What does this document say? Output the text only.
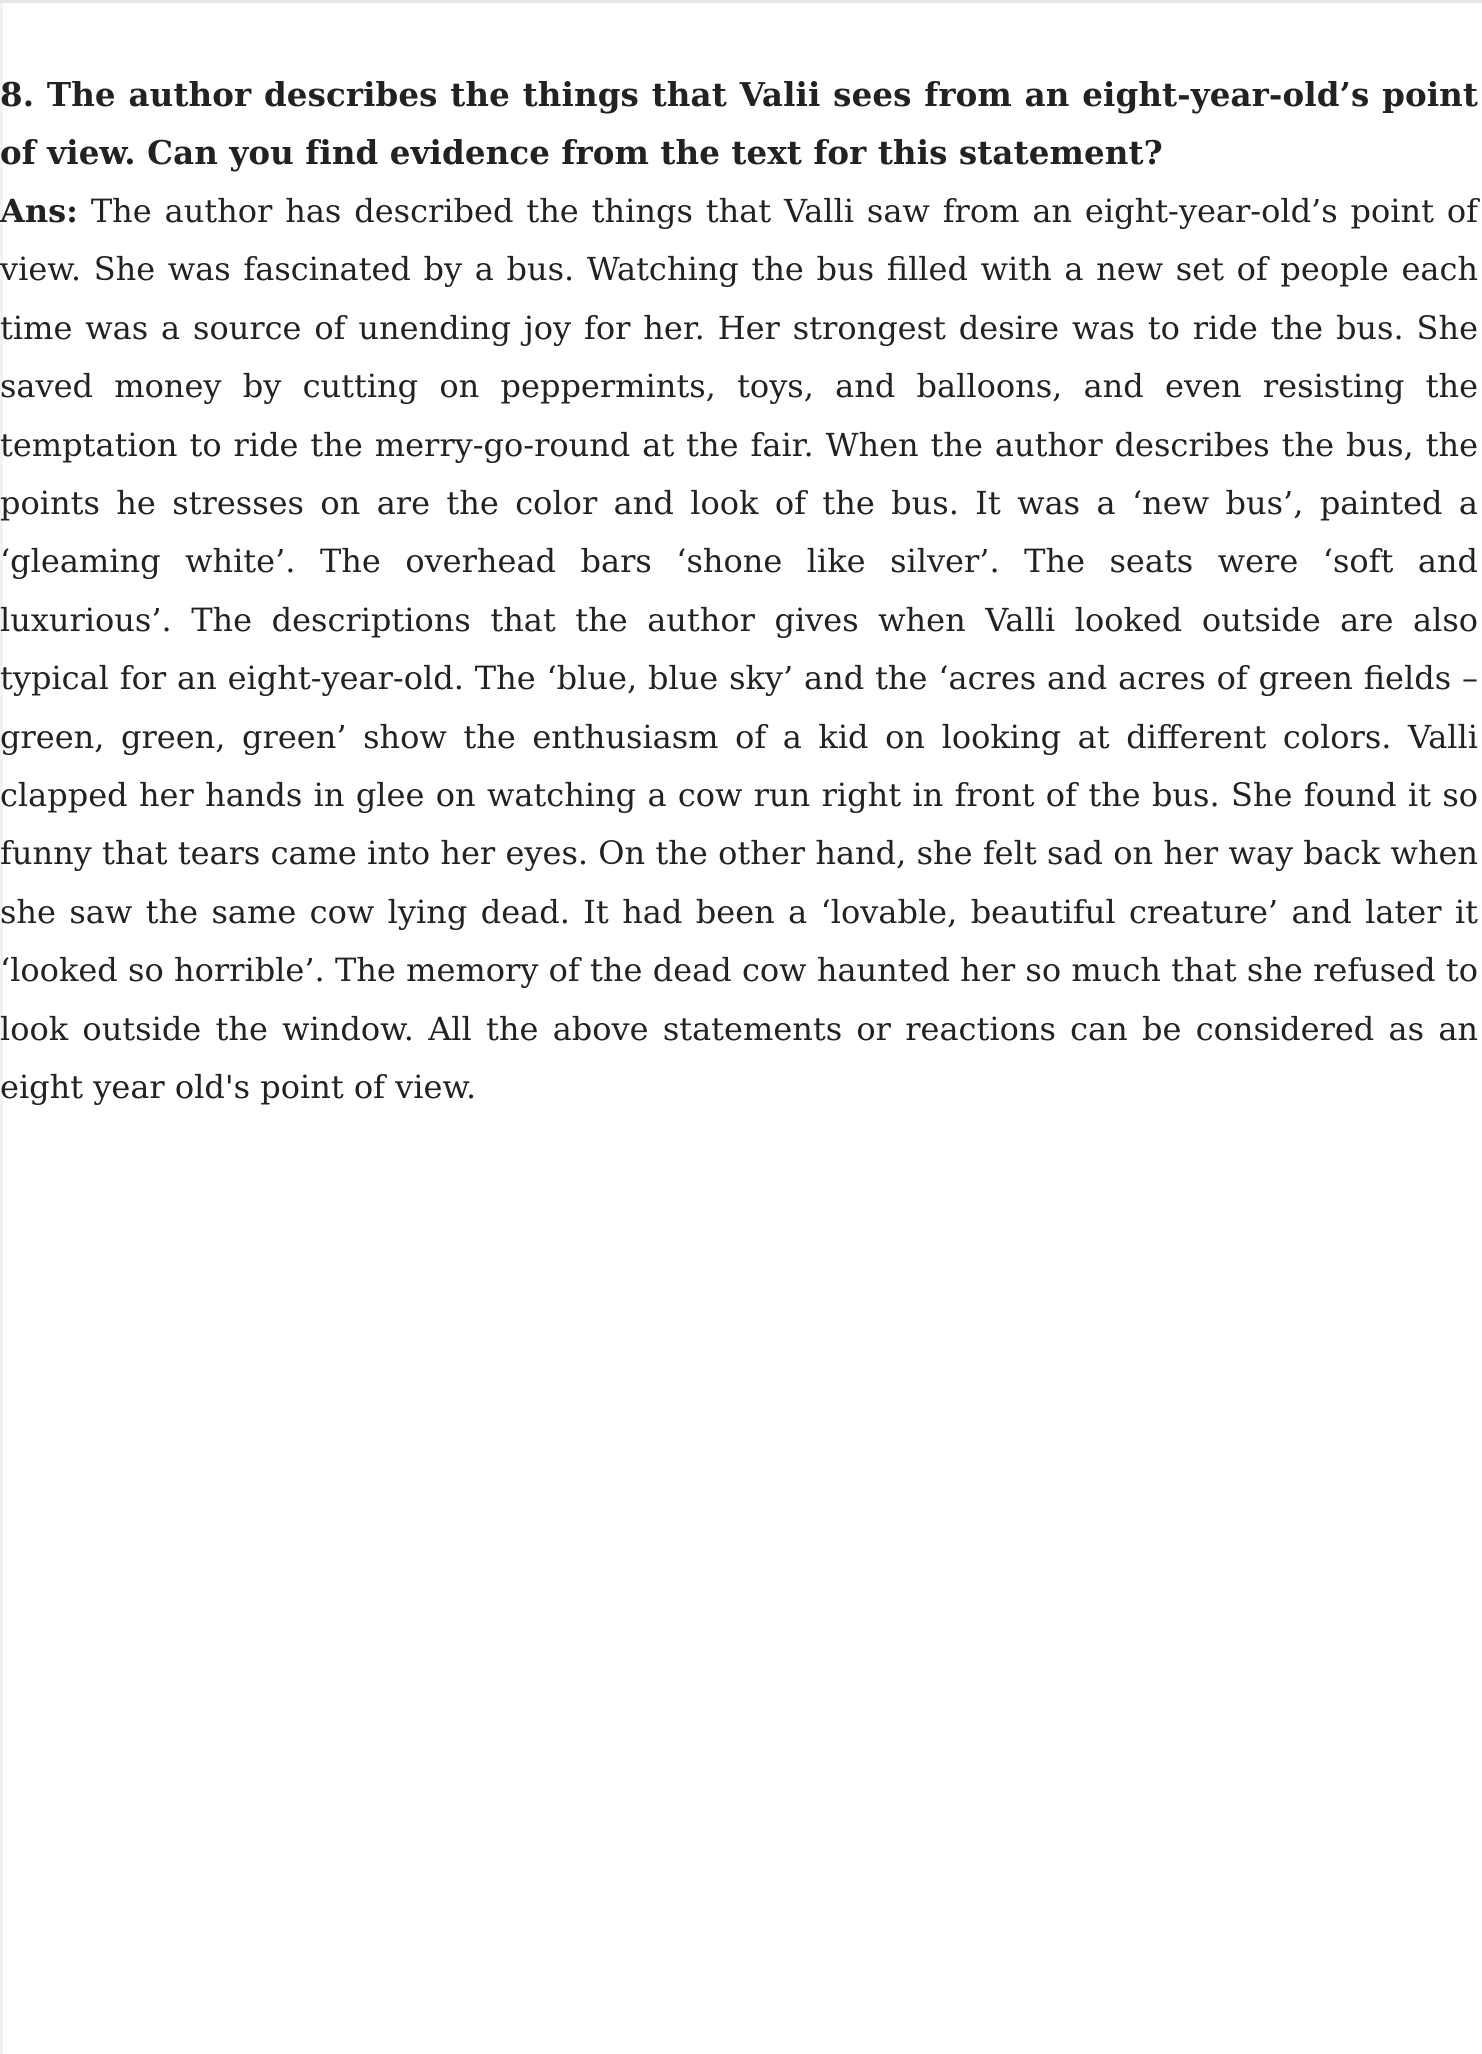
8. The author describes the things that Valii sees from an eight-year-old’s point of view. Can you find evidence from the text for this statement?

Ans: The author has described the things that Valli saw from an eight-year-old’s point of view. She was fascinated by a bus. Watching the bus filled with a new set of people each time was a source of unending joy for her. Her strongest desire was to ride the bus. She saved money by cutting on peppermints, toys, and balloons, and even resisting the temptation to ride the merry-go-round at the fair. When the author describes the bus, the points he stresses on are the color and look of the bus. It was a ‘new bus’, painted a ‘gleaming white’. The overhead bars ‘shone like silver’. The seats were ‘soft and luxurious’. The descriptions that the author gives when Valli looked outside are also typical for an eight-year-old. The ‘blue, blue sky’ and the ‘acres and acres of green fields – green, green, green’ show the enthusiasm of a kid on looking at different colors. Valli clapped her hands in glee on watching a cow run right in front of the bus. She found it so funny that tears came into her eyes. On the other hand, she felt sad on her way back when she saw the same cow lying dead. It had been a ‘lovable, beautiful creature’ and later it ‘looked so horrible’. The memory of the dead cow haunted her so much that she refused to look outside the window. All the above statements or reactions can be considered as an eight year old's point of view.
